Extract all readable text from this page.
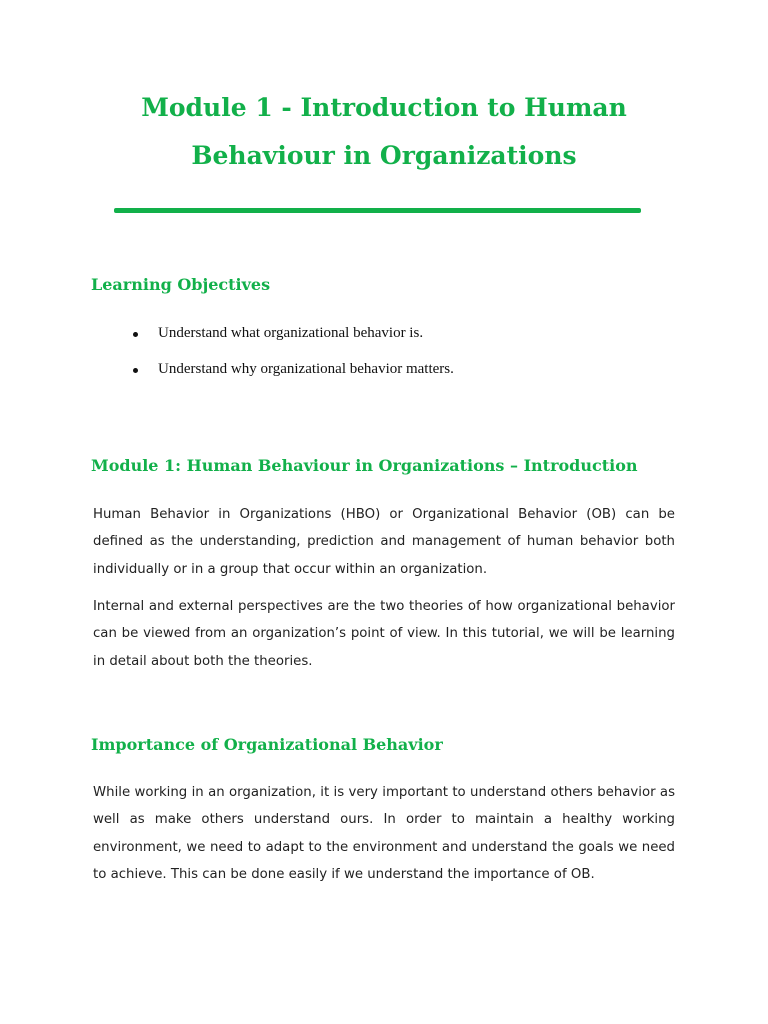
Module 1 - Introduction to Human
Behaviour in Organizations
Learning Objectives
Understand what organizational behavior is.
Understand why organizational behavior matters.
Module 1: Human Behaviour in Organizations – Introduction

Human Behavior in Organizations (HBO) or Organizational Behavior (OB) can be defined as the understanding, prediction and management of human behavior both individually or in a group that occur within an organization.

Internal and external perspectives are the two theories of how organizational behavior can be viewed from an organization’s point of view. In this tutorial, we will be learning in detail about both the theories.

Importance of Organizational Behavior

While working in an organization, it is very important to understand others behavior as well as make others understand ours. In order to maintain a healthy working environment, we need to adapt to the environment and understand the goals we need to achieve. This can be done easily if we understand the importance of OB.
